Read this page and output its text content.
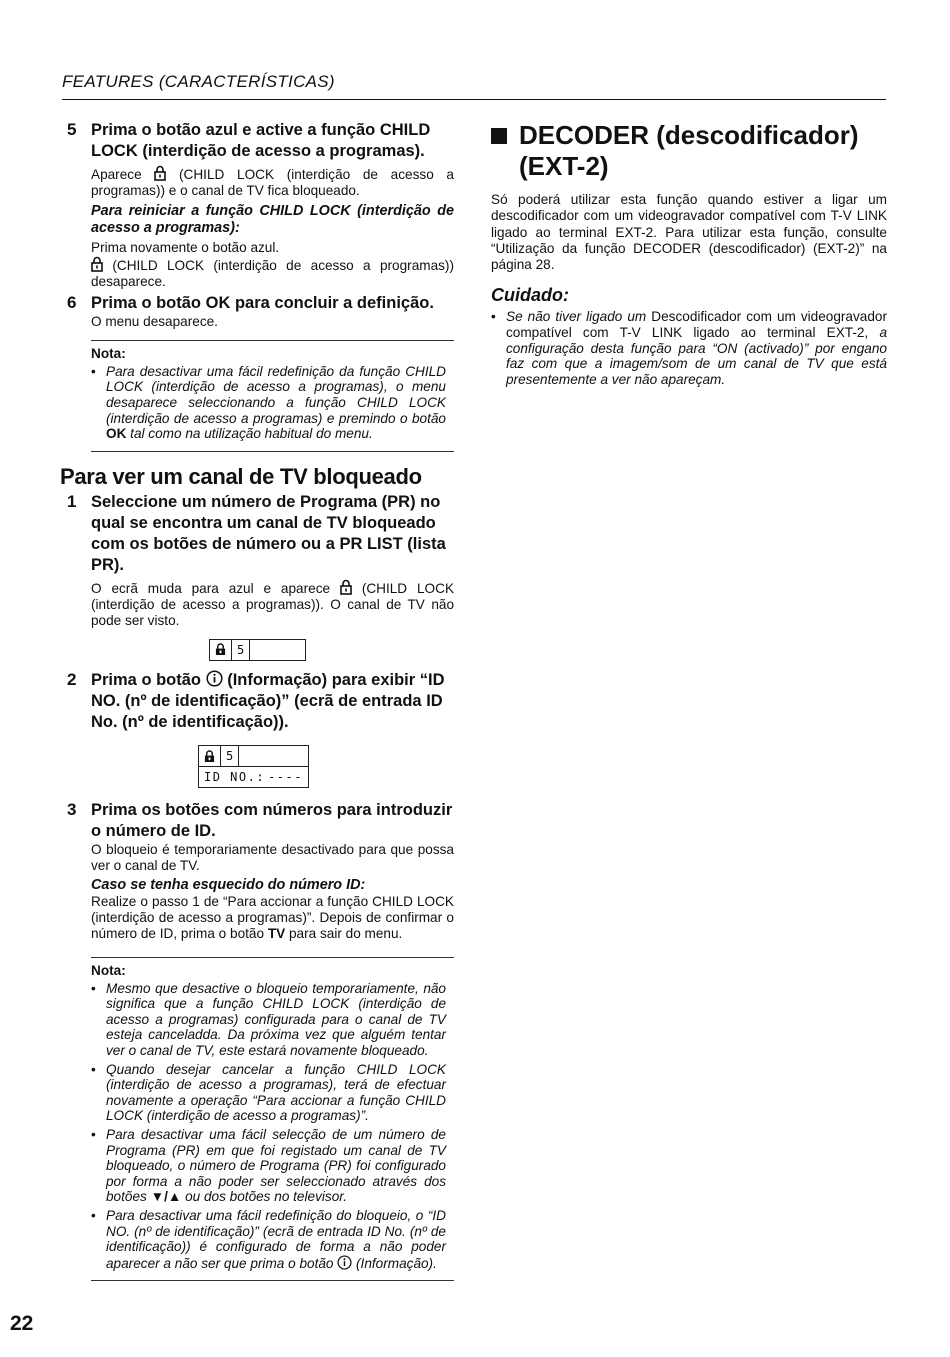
FEATURES (CARACTERÍSTICAS)
5 Prima o botão azul e active a função CHILD LOCK (interdição de acesso a programas).
Aparece	(CHILD LOCK (interdição de acesso a programas)) e o canal de TV fica bloqueado.
Para reiniciar a função CHILD LOCK (interdição de acesso a programas):
Prima novamente o botão azul.
(CHILD LOCK (interdição de acesso a programas)) desaparece.
6 Prima o botão OK para concluir a definição.
O menu desaparece.
Nota:
• Para desactivar uma fácil redefinição da função CHILD LOCK (interdição de acesso a programas), o menu desaparece seleccionando a função CHILD LOCK (interdição de acesso a programas) e premindo o botão OK tal como na utilização habitual do menu.
Para ver um canal de TV bloqueado
1 Seleccione um número de Programa (PR) no qual se encontra um canal de TV bloqueado com os botões de número ou a PR LIST (lista PR).
O ecrã muda para azul e aparece (CHILD LOCK (interdição de acesso a programas)). O canal de TV não pode ser visto.
5
2 Prima o botão (Informação) para exibir “ID NO. (nº de identificação)” (ecrã de entrada ID No. (nº de identificação)).
$\frac{5}{\text{ID NO.: ----}}$
3 Prima os botões com números para introduzir o número de ID.
O bloqueio é temporariamente desactivado para que possa ver o canal de TV.
Caso se tenha esquecido do número ID:
Realize o passo 1 de “Para accionar a função CHILD LOCK (interdição de acesso a programas)”. Depois de confirmar o número de ID, prima o botão TV para sair do menu.
Nota:
• Mesmo que desactive o bloqueio temporariamente, não significa que a função CHILD LOCK (interdição de acesso a programas) configurada para o canal de TV esteja canceladda. Da próxima vez que alguém tentar ver o canal de TV, este estará novamente bloqueado.
• Quando desejar cancelar a função CHILD LOCK (interdição de acesso a programas), terá de efectuar novamente a operação “Para accionar a função CHILD LOCK (interdição de acesso a programas)”.
• Para desactivar uma fácil selecção de um número de Programa (PR) em que foi registado um canal de TV bloqueado, o número de Programa (PR) foi configurado por forma a não poder ser seleccionado através dos botões ▼/▲ ou dos botões no televisor.
• Para desactivar uma fácil redefinição do bloqueio, o “ID NO. (nº de identificação)” (ecrã de entrada ID No. (nº de identificação)) é configurado de forma a não poder aparecer a não ser que prima o botão (Informação).
DECODER (descodificador) (EXT-2)
Só poderá utilizar esta função quando estiver a ligar um descodificador com um videogravador compatível com T-V LINK ligado ao terminal EXT-2. Para utilizar esta função, consulte “Utilização da função DECODER (descodificador) (EXT-2)” na página 28.
Cuidado:
• Se não tiver ligado um Descodificador com um videogravador compatível com T-V LINK ligado ao terminal EXT-2, a configuração desta função para “ON (activado)” por engano faz com que a imagem/som de um canal de TV que está presentemente a ver não apareçam.
22
